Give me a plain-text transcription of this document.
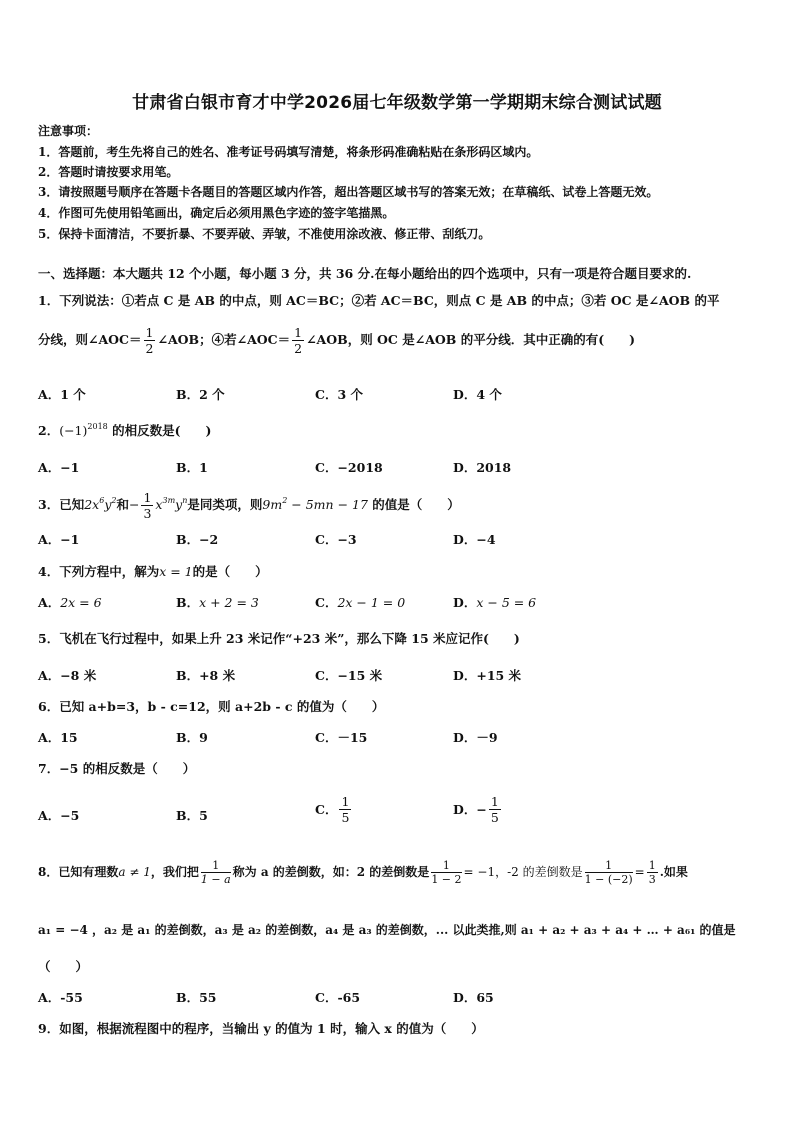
甘肃省白银市育才中学2026届七年级数学第一学期期末综合测试试题
注意事项：
1．答题前，考生先将自己的姓名、准考证号码填写清楚，将条形码准确粘贴在条形码区域内。
2．答题时请按要求用笔。
3．请按照题号顺序在答题卡各题目的答题区域内作答，超出答题区域书写的答案无效；在草稿纸、试卷上答题无效。
4．作图可先使用铅笔画出，确定后必须用黑色字迹的签字笔描黑。
5．保持卡面清洁，不要折暴、不要弄破、弄皱，不准使用涂改液、修正带、刮纸刀。
一、选择题：本大题共 12 个小题，每小题 3 分，共 36 分.在每小题给出的四个选项中，只有一项是符合题目要求的.
1．下列说法：①若点 C 是 AB 的中点，则 AC＝BC；②若 AC＝BC，则点 C 是 AB 的中点；③若 OC 是∠AOB 的平
分线，则∠AOC＝ $\frac{1}{2}$ ∠AOB；④若∠AOC＝ $\frac{1}{2}$ ∠AOB，则 OC 是∠AOB 的平分线．其中正确的有(　　)
A．1 个	B．2 个	C．3 个	D．4 个
2．$(-1)^{2018}$ 的相反数是(　　)
A．−1	B．1	C．−2018	D．2018
3．已知$2x^6y^2$和− $\frac{1}{3} x^{3m}y^n$是同类项，则$9m^2 - 5mn - 17$ 的值是（　　）
A．−1	B．−2	C．−3	D．−4
4．下列方程中，解为x = 1的是（　　）
A．2x = 6	B．x + 2 = 3	C．2x − 1 = 0	D．x − 5 = 6
5．飞机在飞行过程中，如果上升 23 米记作“+23 米”，那么下降 15 米应记作(　　)
A．−8 米	B．+8 米	C．−15 米	D．+15 米
6．已知 a+b=3，b - c=12，则 a+2b - c 的值为（　　）
A．15	B．9	C．－15	D．－9
7．−5 的相反数是（　　）
A．−5	B．5	C． $\frac{1}{5}$	D．− $\frac{1}{5}$
8．已知有理数a ≠ 1，我们把 $\frac{1}{1 - a}$ 称为 a 的差倒数，如：2 的差倒数是 $\frac{1}{1 - 2} = -1$，-2 的差倒数是 $\frac{1}{1 - (-2)} = \frac{1}{3}$ .如果
a₁ = −4 ，a₂ 是 a₁ 的差倒数，a₃ 是 a₂ 的差倒数，a₄ 是 a₃ 的差倒数，... 以此类推,则 a₁ + a₂ + a₃ + a₄ + … + a₆₁ 的值是
（　　）
A．-55	B．55	C．-65	D．65
9．如图，根据流程图中的程序，当输出 y 的值为 1 时，输入 x 的值为（　　）
